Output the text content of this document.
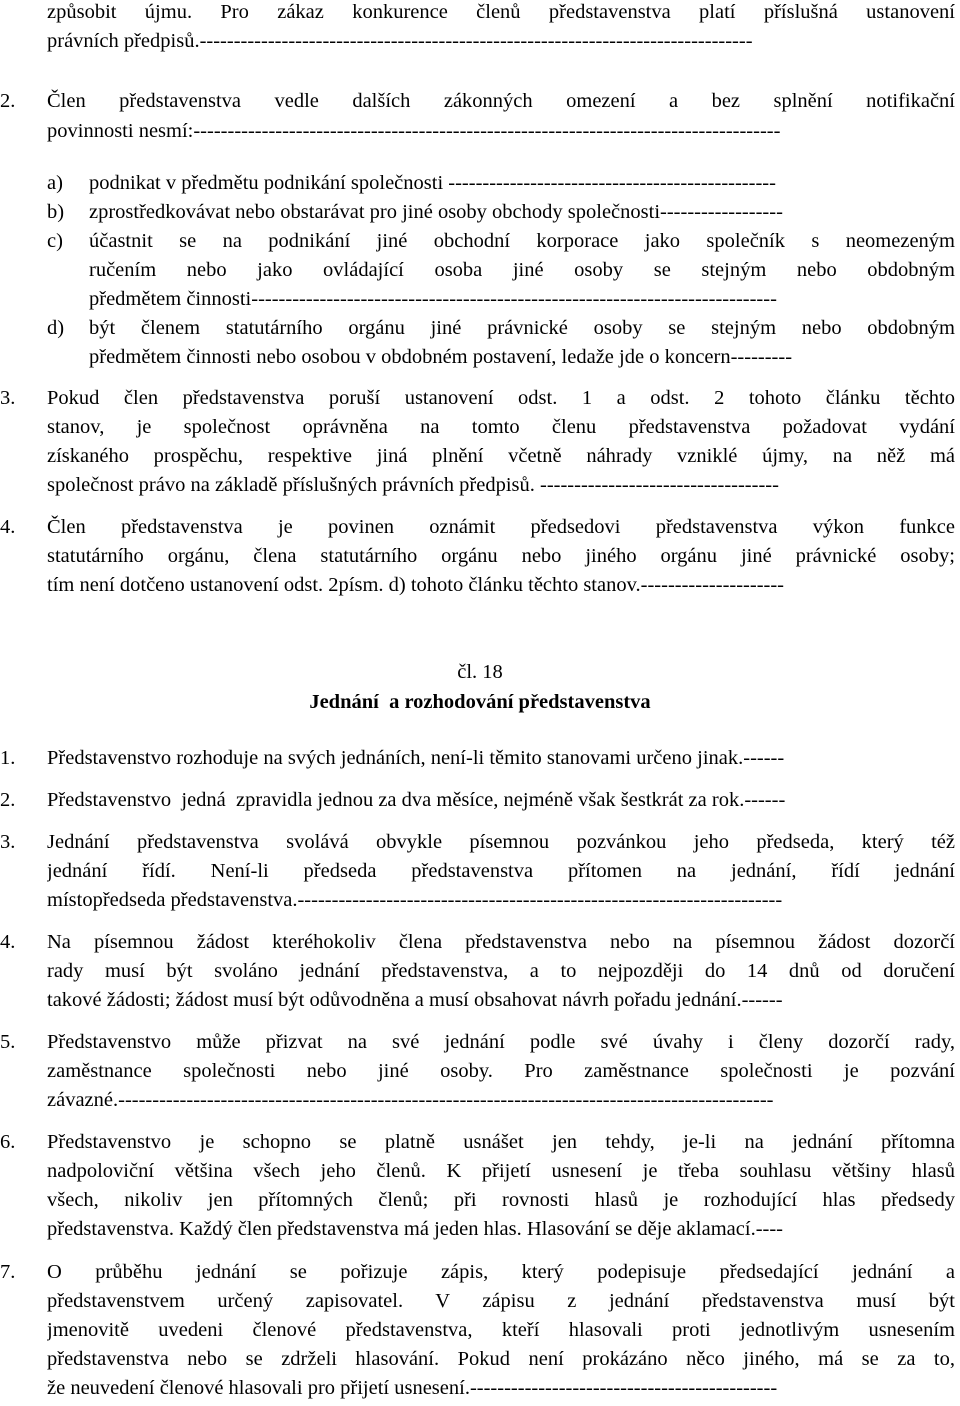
způsobit újmu. Pro zákaz konkurence členů představenstva platí příslušná ustanovení
právních předpisů.---------------------------------------------------------------------------------
2. Člen představenstva vedle dalších zákonných omezení a bez splnění notifikační
povinnosti nesmí:--------------------------------------------------------------------------------------
a) podnikat v předmětu podnikání společnosti ------------------------------------------------
b) zprostředkovávat nebo obstarávat pro jiné osoby obchody společnosti------------------
c) účastnit se na podnikání jiné obchodní korporace jako společník s neomezeným
ručením nebo jako ovládající osoba jiné osoby se stejným nebo obdobným
předmětem činnosti-----------------------------------------------------------------------------
d) být členem statutárního orgánu jiné právnické osoby se stejným nebo obdobným
předmětem činnosti nebo osobou v obdobném postavení, ledaže jde o koncern---------
3. Pokud člen představenstva poruší ustanovení odst. 1 a odst. 2 tohoto článku těchto
stanov, je společnost oprávněna na tomto členu představenstva požadovat vydání
získaného prospěchu, respektive jiná plnění včetně náhrady vzniklé újmy, na něž má
společnost právo na základě příslušných právních předpisů. -----------------------------------
4. Člen představenstva je povinen oznámit předsedovi představenstva výkon funkce
statutárního orgánu, člena statutárního orgánu nebo jiného orgánu jiné právnické osoby;
tím není dotčeno ustanovení odst. 2písm. d) tohoto článku těchto stanov.---------------------
čl. 18
Jednání  a rozhodování představenstva
1. Představenstvo rozhoduje na svých jednáních, není-li těmito stanovami určeno jinak.------
2. Představenstvo  jedná  zpravidla jednou za dva měsíce, nejméně však šestkrát za rok.------
3. Jednání představenstva svolává obvykle písemnou pozvánkou jeho předseda, který též
jednání řídí. Není-li předseda představenstva přítomen na jednání, řídí jednání
místopředseda představenstva.-----------------------------------------------------------------------
4. Na písemnou žádost kteréhokoliv člena představenstva nebo na písemnou žádost dozorčí
rady musí být svoláno jednání představenstva, a to nejpozději do 14 dnů od doručení
takové žádosti; žádost musí být odůvodněna a musí obsahovat návrh pořadu jednání.------
5. Představenstvo může přizvat na své jednání podle své úvahy i členy dozorčí rady,
zaměstnance společnosti nebo jiné osoby. Pro zaměstnance společnosti je pozvání
závazné.------------------------------------------------------------------------------------------------
6. Představenstvo je schopno se platně usnášet jen tehdy, je-li na jednání přítomna
nadpoloviční většina všech jeho členů. K přijetí usnesení je třeba souhlasu většiny hlasů
všech, nikoliv jen přítomných členů; při rovnosti hlasů je rozhodující hlas předsedy
představenstva. Každý člen představenstva má jeden hlas. Hlasování se děje aklamací.----
7. O průběhu jednání se pořizuje zápis, který podepisuje předsedající jednání a
představenstvem určený zapisovatel. V zápisu z jednání představenstva musí být
jmenovitě uvedeni členové představenstva, kteří hlasovali proti jednotlivým usnesením
představenstva nebo se zdrželi hlasování. Pokud není prokázáno něco jiného, má se za to,
že neuvedení členové hlasovali pro přijetí usnesení.---------------------------------------------
